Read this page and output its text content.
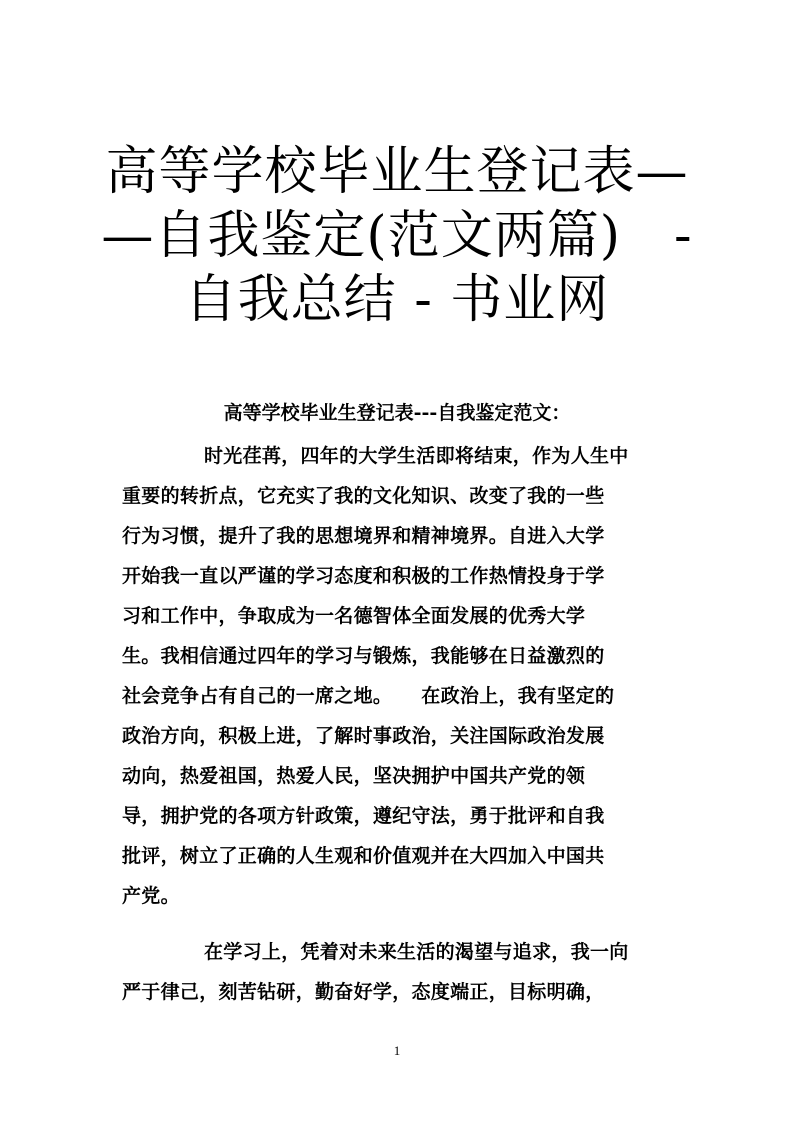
高等学校毕业生登记表—
—自我鉴定(范文两篇)　-
自我总结 - 书业网
高等学校毕业生登记表---自我鉴定范文：
时光荏苒，四年的大学生活即将结束，作为人生中
重要的转折点，它充实了我的文化知识、改变了我的一些
行为习惯，提升了我的思想境界和精神境界。自进入大学
开始我一直以严谨的学习态度和积极的工作热情投身于学
习和工作中，争取成为一名德智体全面发展的优秀大学
生。我相信通过四年的学习与锻炼，我能够在日益激烈的
社会竞争占有自己的一席之地。　　在政治上，我有坚定的
政治方向，积极上进，了解时事政治，关注国际政治发展
动向，热爱祖国，热爱人民，坚决拥护中国共产党的领
导，拥护党的各项方针政策，遵纪守法，勇于批评和自我
批评，树立了正确的人生观和价值观并在大四加入中国共
产党。
在学习上，凭着对未来生活的渴望与追求，我一向
严于律己，刻苦钻研，勤奋好学，态度端正，目标明确，
1
